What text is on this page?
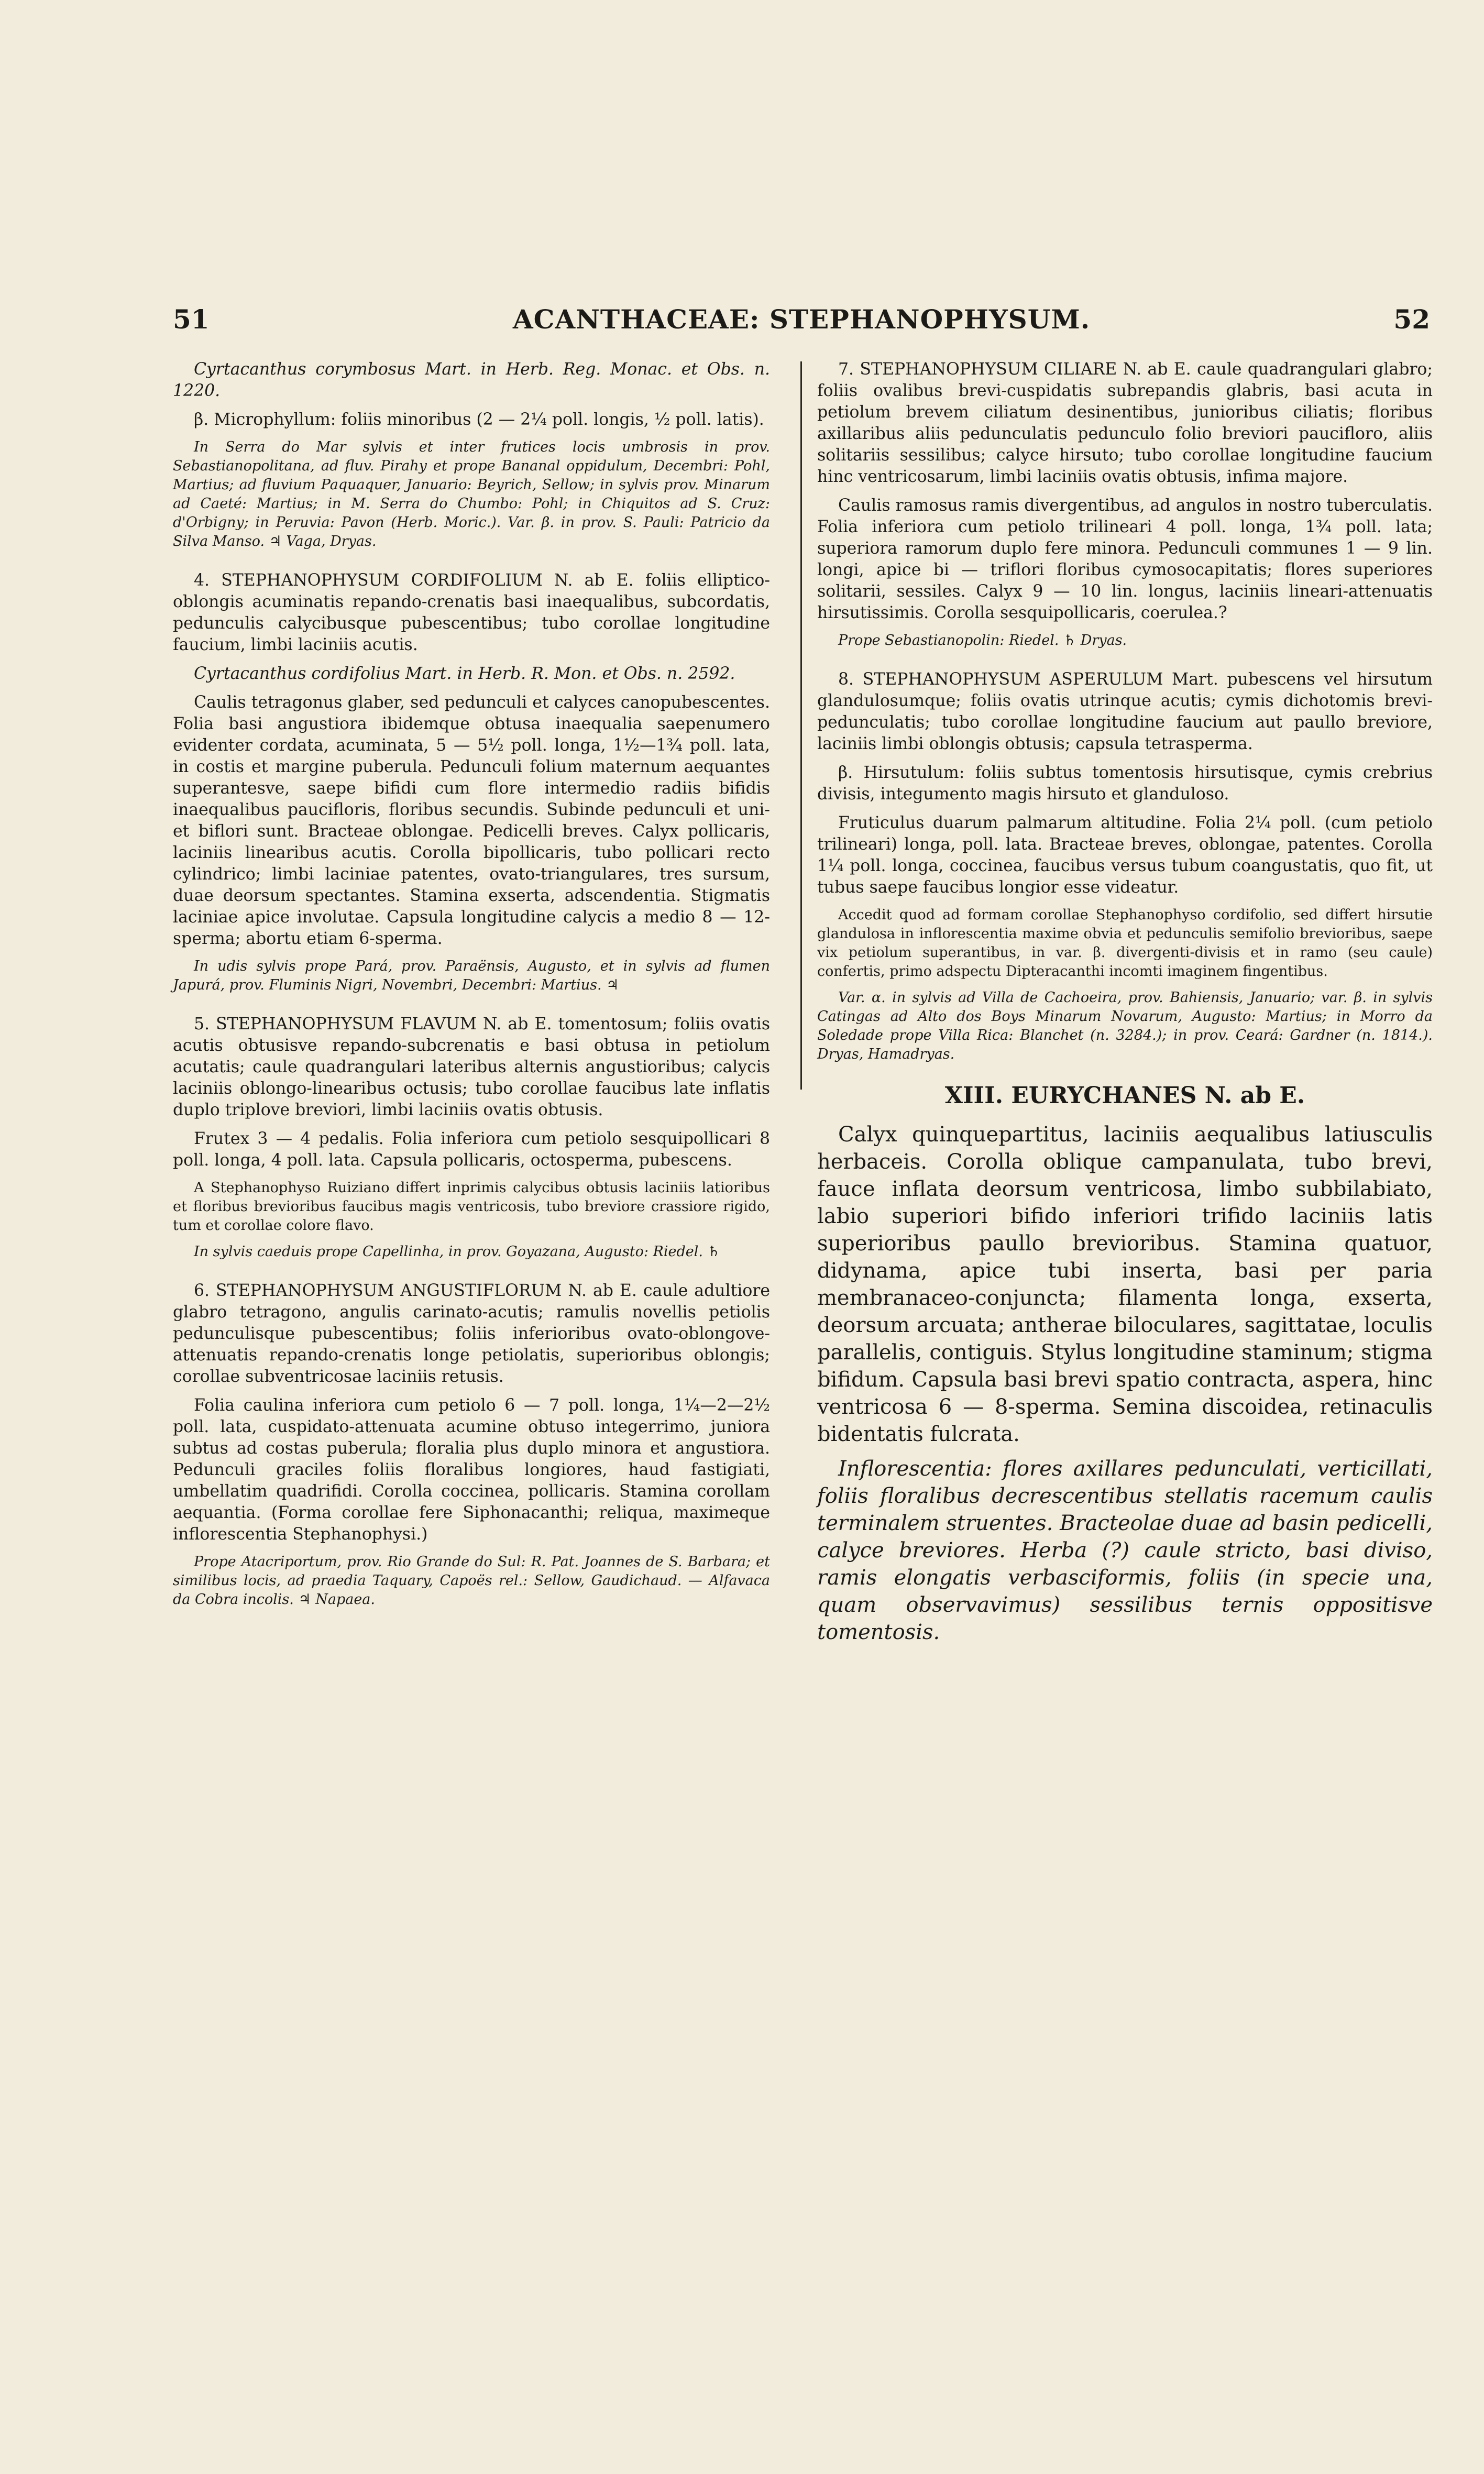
51	ACANTHACEAE: STEPHANOPHYSUM.	52

Cyrtacanthus corymbosus Mart. in Herb. Reg. Monac. et Obs. n. 1220.

β. Microphyllum: foliis minoribus (2 — 2¼ poll. longis, ½ poll. latis).

In Serra do Mar sylvis et inter frutices locis umbrosis in prov. Sebastianopolitana, ad fluv. Pirahy et prope Bananal oppidulum, Decembri: Pohl, Martius; ad fluvium Paquaquer, Januario: Beyrich, Sellow; in sylvis prov. Minarum ad Caeté: Martius; in M. Serra do Chumbo: Pohl; in Chiquitos ad S. Cruz: d'Orbigny; in Peruvia: Pavon (Herb. Moric.). Var. β. in prov. S. Pauli: Patricio da Silva Manso. ♃ Vaga, Dryas.

4. STEPHANOPHYSUM CORDIFOLIUM N. ab E. foliis elliptico-oblongis acuminatis repando-crenatis basi inaequalibus, subcordatis, pedunculis calycibusque pubescentibus; tubo corollae longitudine faucium, limbi laciniis acutis.

Cyrtacanthus cordifolius Mart. in Herb. R. Mon. et Obs. n. 2592.

Caulis tetragonus glaber, sed pedunculi et calyces canopubescentes. Folia basi angustiora ibidemque obtusa inaequalia saepenumero evidenter cordata, acuminata, 5 — 5½ poll. longa, 1½—1¾ poll. lata, in costis et margine puberula. Pedunculi folium maternum aequantes superantesve, saepe bifidi cum flore intermedio radiis bifidis inaequalibus paucifloris, floribus secundis. Subinde pedunculi et uni- et biflori sunt. Bracteae oblongae. Pedicelli breves. Calyx pollicaris, laciniis linearibus acutis. Corolla bipollicaris, tubo pollicari recto cylindrico; limbi laciniae patentes, ovato-triangulares, tres sursum, duae deorsum spectantes. Stamina exserta, adscendentia. Stigmatis laciniae apice involutae. Capsula longitudine calycis a medio 8 — 12-sperma; abortu etiam 6-sperma.

In udis sylvis prope Pará, prov. Paraënsis, Augusto, et in sylvis ad flumen Japurá, prov. Fluminis Nigri, Novembri, Decembri: Martius. ♃

5. STEPHANOPHYSUM FLAVUM N. ab E. tomentosum; foliis ovatis acutis obtusisve repando-subcrenatis e basi obtusa in petiolum acutatis; caule quadrangulari lateribus alternis angustioribus; calycis laciniis oblongo-linearibus octusis; tubo corollae faucibus late inflatis duplo triplove breviori, limbi laciniis ovatis obtusis.

Frutex 3 — 4 pedalis. Folia inferiora cum petiolo sesquipollicari 8 poll. longa, 4 poll. lata. Capsula pollicaris, octosperma, pubescens.

A Stephanophyso Ruiziano differt inprimis calycibus obtusis laciniis latioribus et floribus brevioribus faucibus magis ventricosis, tubo breviore crassiore rigido, tum et corollae colore flavo.

In sylvis caeduis prope Capellinha, in prov. Goyazana, Augusto: Riedel. ♄

6. STEPHANOPHYSUM ANGUSTIFLORUM N. ab E. caule adultiore glabro tetragono, angulis carinato-acutis; ramulis novellis petiolis pedunculisque pubescentibus; foliis inferioribus ovato-oblongove-attenuatis repando-crenatis longe petiolatis, superioribus oblongis; corollae subventricosae laciniis retusis.

Folia caulina inferiora cum petiolo 6 — 7 poll. longa, 1¼—2—2½ poll. lata, cuspidato-attenuata acumine obtuso integerrimo, juniora subtus ad costas puberula; floralia plus duplo minora et angustiora. Pedunculi graciles foliis floralibus longiores, haud fastigiati, umbellatim quadrifidi. Corolla coccinea, pollicaris. Stamina corollam aequantia. (Forma corollae fere Siphonacanthi; reliqua, maximeque inflorescentia Stephanophysi.)

Prope Atacriportum, prov. Rio Grande do Sul: R. Pat. Joannes de S. Barbara; et similibus locis, ad praedia Taquary, Capoës rel.: Sellow, Gaudichaud. — Alfavaca da Cobra incolis. ♃ Napaea.

7. STEPHANOPHYSUM CILIARE N. ab E. caule quadrangulari glabro; foliis ovalibus brevi-cuspidatis subrepandis glabris, basi acuta in petiolum brevem ciliatum desinentibus, junioribus ciliatis; floribus axillaribus aliis pedunculatis pedunculo folio breviori paucifloro, aliis solitariis sessilibus; calyce hirsuto; tubo corollae longitudine faucium hinc ventricosarum, limbi laciniis ovatis obtusis, infima majore.

Caulis ramosus ramis divergentibus, ad angulos in nostro tuberculatis. Folia inferiora cum petiolo trilineari 4 poll. longa, 1¾ poll. lata; superiora ramorum duplo fere minora. Pedunculi communes 1 — 9 lin. longi, apice bi — triflori floribus cymosocapitatis; flores superiores solitarii, sessiles. Calyx 9 — 10 lin. longus, laciniis lineari-attenuatis hirsutissimis. Corolla sesquipollicaris, coerulea.?

Prope Sebastianopolin: Riedel. ♄ Dryas.

8. STEPHANOPHYSUM ASPERULUM Mart. pubescens vel hirsutum glandulosumque; foliis ovatis utrinque acutis; cymis dichotomis brevi-pedunculatis; tubo corollae longitudine faucium aut paullo breviore, laciniis limbi oblongis obtusis; capsula tetrasperma.

β. Hirsutulum: foliis subtus tomentosis hirsutisque, cymis crebrius divisis, integumento magis hirsuto et glanduloso.

Fruticulus duarum palmarum altitudine. Folia 2¼ poll. (cum petiolo trilineari) longa, poll. lata. Bracteae breves, oblongae, patentes. Corolla 1¼ poll. longa, coccinea, faucibus versus tubum coangustatis, quo fit, ut tubus saepe faucibus longior esse videatur.

Accedit quod ad formam corollae Stephanophyso cordifolio, sed differt hirsutie glandulosa in inflorescentia maxime obvia et pedunculis semifolio brevioribus, saepe vix petiolum superantibus, in var. β. divergenti-divisis et in ramo (seu caule) confertis, primo adspectu Dipteracanthi incomti imaginem fingentibus.

Var. α. in sylvis ad Villa de Cachoeira, prov. Bahiensis, Januario; var. β. in sylvis Catingas ad Alto dos Boys Minarum Novarum, Augusto: Martius; in Morro da Soledade prope Villa Rica: Blanchet (n. 3284.); in prov. Ceará: Gardner (n. 1814.). Dryas, Hamadryas.

XIII. EURYCHANES N. ab E.

Calyx quinquepartitus, laciniis aequalibus latiusculis herbaceis. Corolla oblique campanulata, tubo brevi, fauce inflata deorsum ventricosa, limbo subbilabiato, labio superiori bifido inferiori trifido laciniis latis superioribus paullo brevioribus. Stamina quatuor, didynama, apice tubi inserta, basi per paria membranaceo-conjuncta; filamenta longa, exserta, deorsum arcuata; antherae biloculares, sagittatae, loculis parallelis, contiguis. Stylus longitudine staminum; stigma bifidum. Capsula basi brevi spatio contracta, aspera, hinc ventricosa 6 — 8-sperma. Semina discoidea, retinaculis bidentatis fulcrata.

Inflorescentia: flores axillares pedunculati, verticillati, foliis floralibus decrescentibus stellatis racemum caulis terminalem struentes. Bracteolae duae ad basin pedicelli, calyce breviores. Herba (?) caule stricto, basi diviso, ramis elongatis verbasciformis, foliis (in specie una, quam observavimus) sessilibus ternis oppositisve tomentosis.
